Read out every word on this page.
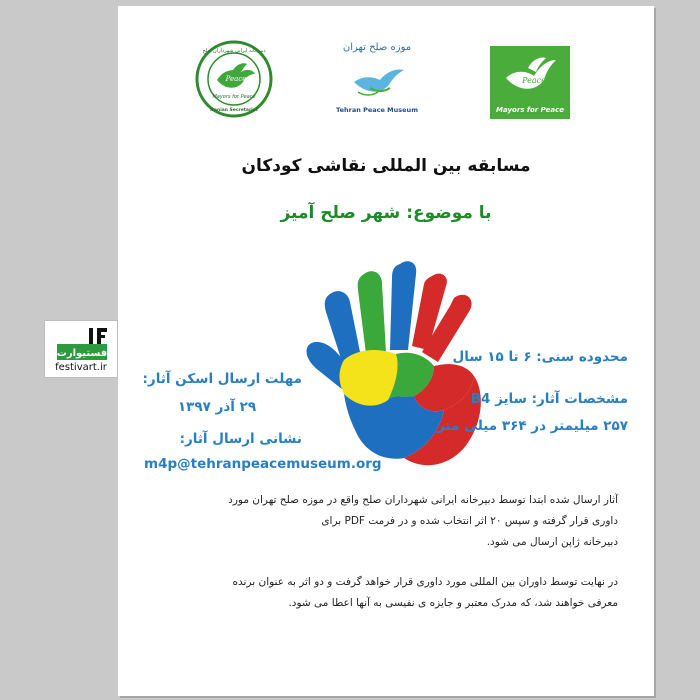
Peace
Mayors for Peace
Iranian Secretariat
دبیرخانه ایرانی شهرداران صلح	موزه صلح تهران
Tehran Peace Museum
Peace
Mayors for Peace
مسابقه بین المللی نقاشی کودکان
با موضوع: شهر صلح آمیز
محدوده سنی: ۶ تا ۱۵ سال
مشخصات آثار: سایز B4
۲۵۷ میلیمتر در ۳۶۴ میلی متر
مهلت ارسال اسکن آثار:
۲۹ آذر ۱۳۹۷
نشانی ارسال آثار:
m4p@tehranpeacemuseum.org
آثار ارسال شده ابتدا توسط دبیرخانه ایرانی شهرداران صلح واقع در موزه صلح تهران مورد
داوری قرار گرفته و سپس ۲۰ اثر انتخاب شده و در فرمت PDF برای
دبیرخانه ژاپن ارسال می شود.
در نهایت توسط داوران بین المللی مورد داوری قرار خواهد گرفت و دو اثر به عنوان برنده
معرفی خواهند شد، که مدرک معتبر و جایزه ی نفیسی به آنها اعطا می شود.
فستیوارت
festivart.ir
